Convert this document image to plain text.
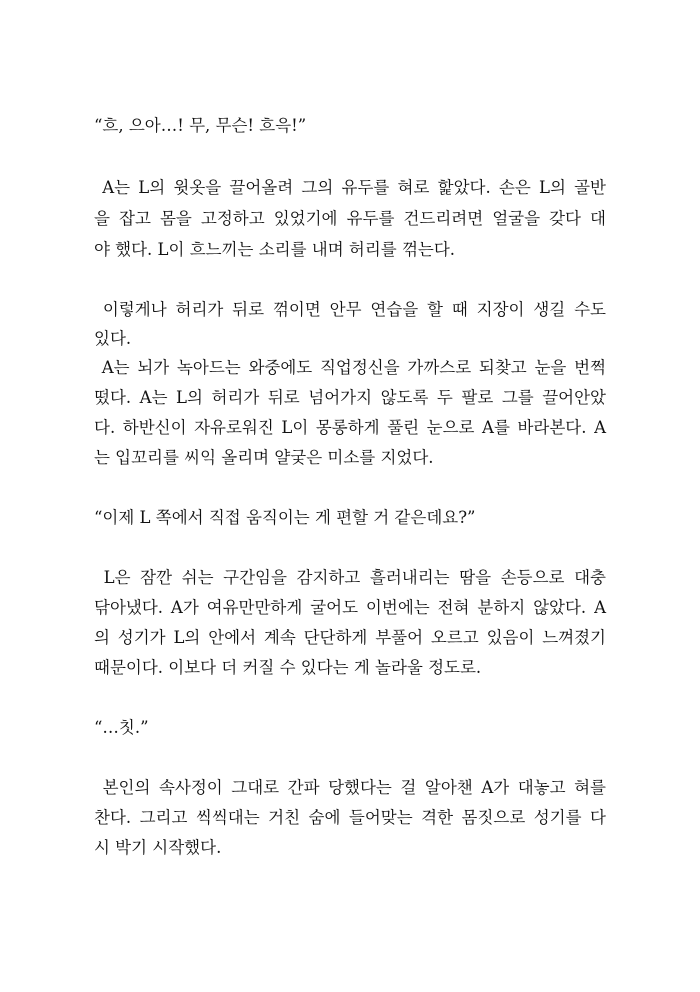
“흐, 으아…! 무, 무슨! 흐윽!”
A는 L의 윗옷을 끌어올려 그의 유두를 혀로 핥았다. 손은 L의 골반
을 잡고 몸을 고정하고 있었기에 유두를 건드리려면 얼굴을 갖다 대
야 했다. L이 흐느끼는 소리를 내며 허리를 꺾는다.
이렇게나 허리가 뒤로 꺾이면 안무 연습을 할 때 지장이 생길 수도
있다.
A는 뇌가 녹아드는 와중에도 직업정신을 가까스로 되찾고 눈을 번쩍
떴다. A는 L의 허리가 뒤로 넘어가지 않도록 두 팔로 그를 끌어안았
다. 하반신이 자유로워진 L이 몽롱하게 풀린 눈으로 A를 바라본다. A
는 입꼬리를 씨익 올리며 얄궂은 미소를 지었다.
“이제 L 쪽에서 직접 움직이는 게 편할 거 같은데요?”
L은 잠깐 쉬는 구간임을 감지하고 흘러내리는 땀을 손등으로 대충
닦아냈다. A가 여유만만하게 굴어도 이번에는 전혀 분하지 않았다. A
의 성기가 L의 안에서 계속 단단하게 부풀어 오르고 있음이 느껴졌기
때문이다. 이보다 더 커질 수 있다는 게 놀라울 정도로.
“…칫.”
본인의 속사정이 그대로 간파 당했다는 걸 알아챈 A가 대놓고 혀를
찬다. 그리고 씩씩대는 거친 숨에 들어맞는 격한 몸짓으로 성기를 다
시 박기 시작했다.
